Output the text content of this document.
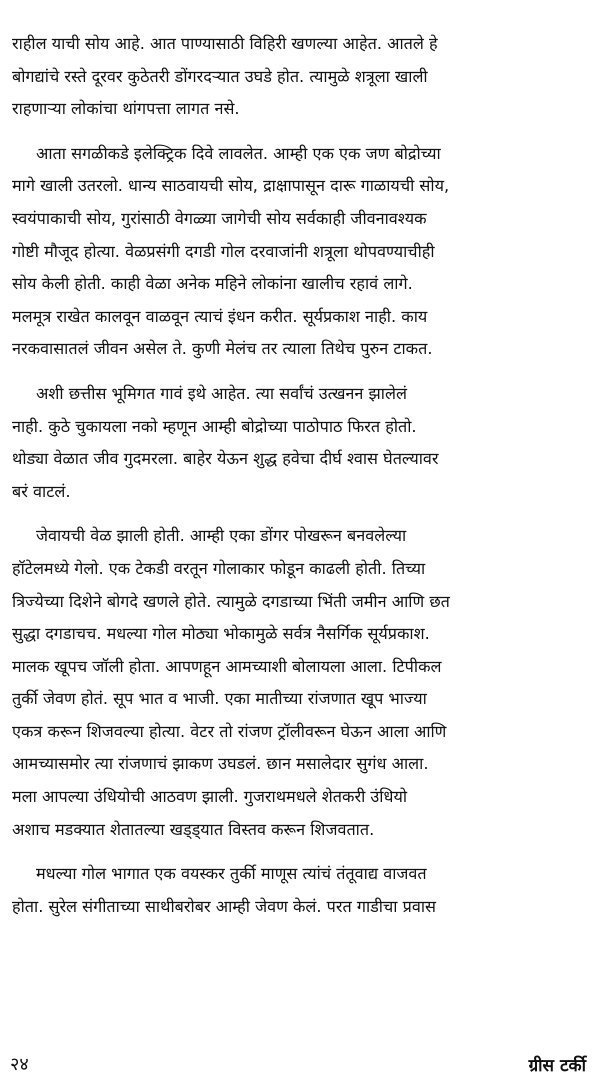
राहील याची सोय आहे. आत पाण्यासाठी विहिरी खणल्या आहेत. आतले हे
बोगद्यांचे रस्ते दूरवर कुठेतरी डोंगरदऱ्यात उघडे होत. त्यामुळे शत्रूला खाली
राहणाऱ्या लोकांचा थांगपत्ता लागत नसे.

आता सगळीकडे इलेक्ट्रिक दिवे लावलेत. आम्ही एक एक जण बोद्रोच्या
मागे खाली उतरलो. धान्य साठवायची सोय, द्राक्षापासून दारू गाळायची सोय,
स्वयंपाकाची सोय, गुरांसाठी वेगळ्या जागेची सोय सर्वकाही जीवनावश्यक
गोष्टी मौजूद होत्या. वेळप्रसंगी दगडी गोल दरवाजांनी शत्रूला थोपवण्याचीही
सोय केली होती. काही वेळा अनेक महिने लोकांना खालीच रहावं लागे.
मलमूत्र राखेत कालवून वाळवून त्याचं इंधन करीत. सूर्यप्रकाश नाही. काय
नरकवासातलं जीवन असेल ते. कुणी मेलंच तर त्याला तिथेच पुरुन टाकत.

अशी छत्तीस भूमिगत गावं इथे आहेत. त्या सर्वांचं उत्खनन झालेलं
नाही. कुठे चुकायला नको म्हणून आम्ही बोद्रोच्या पाठोपाठ फिरत होतो.
थोड्या वेळात जीव गुदमरला. बाहेर येऊन शुद्ध हवेचा दीर्घ श्वास घेतल्यावर
बरं वाटलं.

जेवायची वेळ झाली होती. आम्ही एका डोंगर पोखरून बनवलेल्या
हॉटेलमध्ये गेलो. एक टेकडी वरतून गोलाकार फोडून काढली होती. तिच्या
त्रिज्येच्या दिशेने बोगदे खणले होते. त्यामुळे दगडाच्या भिंती जमीन आणि छत
सुद्धा दगडाचच. मधल्या गोल मोठ्या भोकामुळे सर्वत्र नैसर्गिक सूर्यप्रकाश.
मालक खूपच जॉली होता. आपणहून आमच्याशी बोलायला आला. टिपीकल
तुर्की जेवण होतं. सूप भात व भाजी. एका मातीच्या रांजणात खूप भाज्या
एकत्र करून शिजवल्या होत्या. वेटर तो रांजण ट्रॉलीवरून घेऊन आला आणि
आमच्यासमोर त्या रांजणाचं झाकण उघडलं. छान मसालेदार सुगंध आला.
मला आपल्या उंधियोची आठवण झाली. गुजराथमधले शेतकरी उंधियो
अशाच मडक्यात शेतातल्या खड्ड्यात विस्तव करून शिजवतात.

मधल्या गोल भागात एक वयस्कर तुर्की माणूस त्यांचं तंतूवाद्य वाजवत
होता. सुरेल संगीताच्या साथीबरोबर आम्ही जेवण केलं. परत गाडीचा प्रवास

२४	ग्रीस टर्की
